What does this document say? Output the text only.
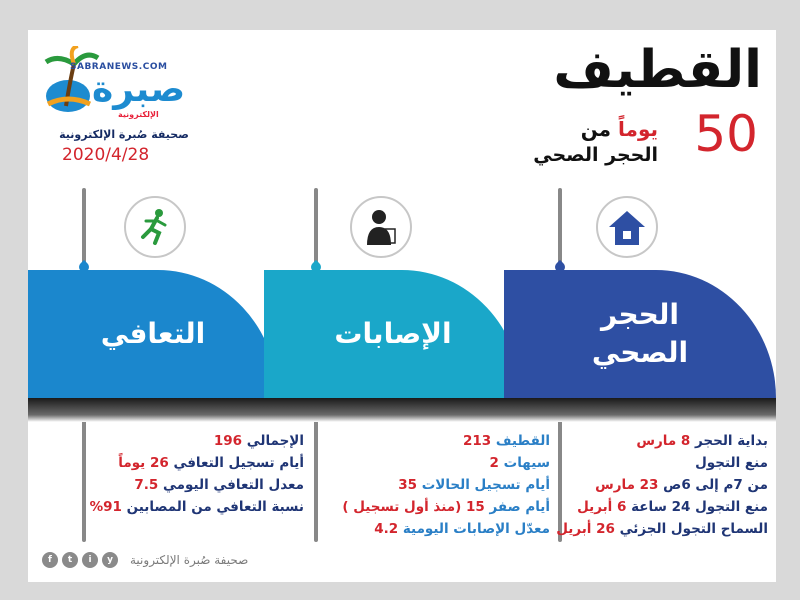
SABRANEWS.COM
صبرة
الإلكترونية
صحيفة صُبرة الإلكترونية
2020/4/28
القطيف
50
يوماً من
الحجر الصحي
التعافي	الإصابات
الحجر
الصحي
الإجمالي 196
أيام تسجيل التعافي 26 يوماً
معدل التعافي اليومي 7.5
نسبة التعافي من المصابين 91%
القطيف 213
سيهات 2
أيام تسجيل الحالات 35
أيام صفر 15 (منذ أول تسجيل )
معدّل الإصابات اليومية 4.2
بداية الحجر 8 مارس
منع التجول
من 7م إلى 6ص 23 مارس
منع التجول 24 ساعة 6 أبريل
السماح التجول الجزئي 26 أبريل
f	t	i	y	صحيفة صُبرة الإلكترونية
